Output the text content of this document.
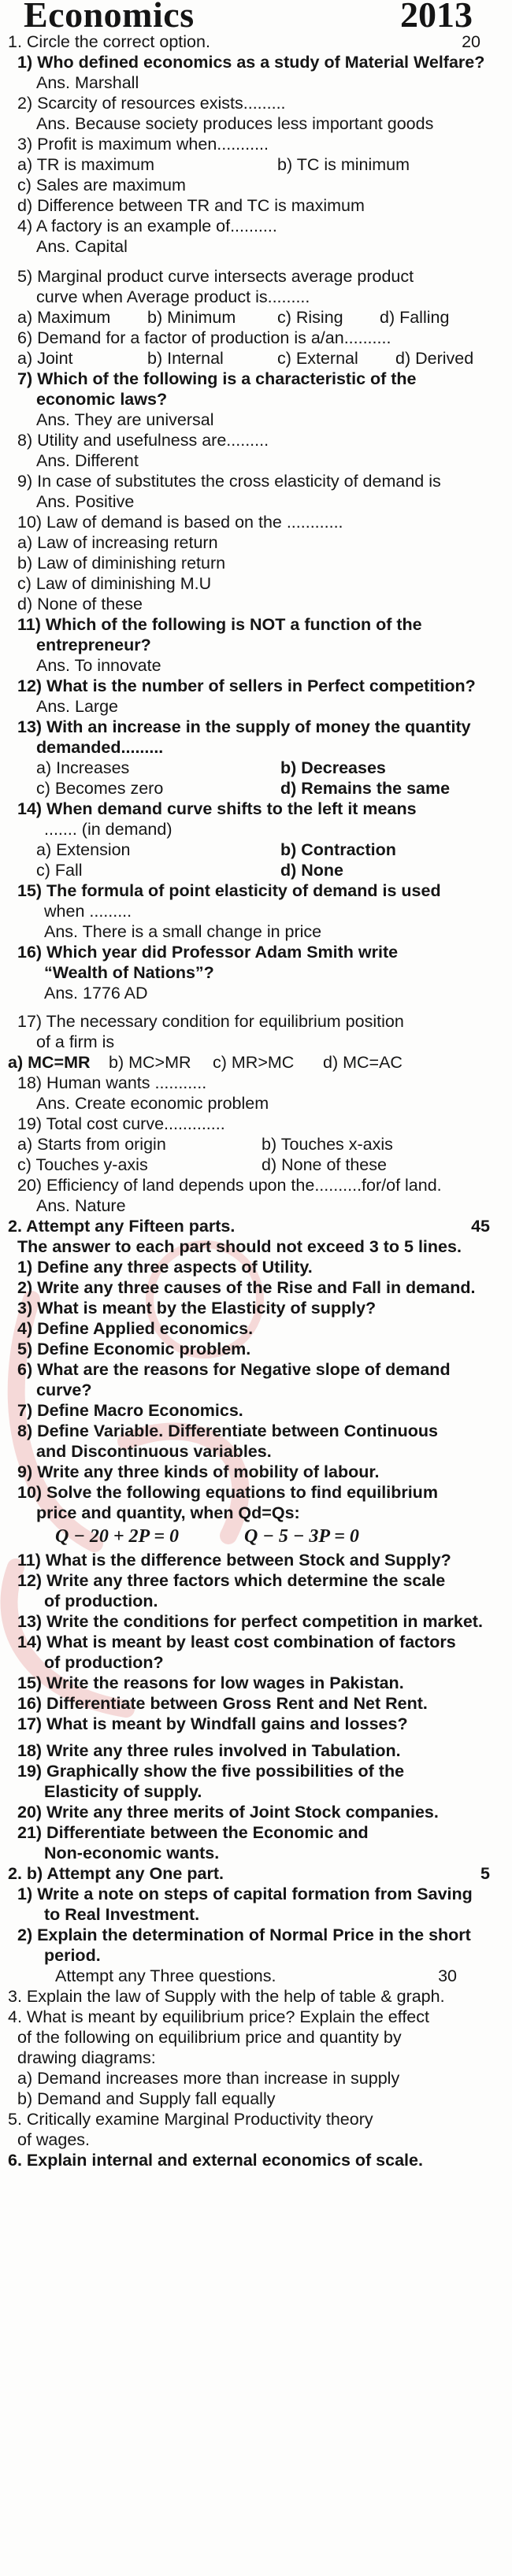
Economics	2013
1. Circle the correct option.	20
1) Who defined economics as a study of Material Welfare?
Ans. Marshall
2) Scarcity of resources exists.........
Ans. Because society produces less important goods
3) Profit is maximum when...........
a) TR is maximum	b) TC is minimum
c) Sales are maximum
d) Difference between TR and TC is maximum
4) A factory is an example of..........
Ans. Capital
5) Marginal product curve intersects average product
curve when Average product is.........
a) Maximum	b) Minimum	c) Rising	d) Falling
6) Demand for a factor of production is a/an..........
a) Joint	b) Internal	c) External	d) Derived
7) Which of the following is a characteristic of the
economic laws?
Ans. They are universal
8) Utility and usefulness are.........
Ans. Different
9) In case of substitutes the cross elasticity of demand is
Ans. Positive
10) Law of demand is based on the ............
a) Law of increasing return
b) Law of diminishing return
c) Law of diminishing M.U
d) None of these
11) Which of the following is NOT a function of the
entrepreneur?
Ans. To innovate
12) What is the number of sellers in Perfect competition?
Ans. Large
13) With an increase in the supply of money the quantity
demanded.........
a) Increases	b) Decreases
c) Becomes zero	d) Remains the same
14) When demand curve shifts to the left it means
....... (in demand)
a) Extension	b) Contraction
c) Fall	d) None
15) The formula of point elasticity of demand is used
when .........
Ans. There is a small change in price
16) Which year did Professor Adam Smith write
“Wealth of Nations”?
Ans. 1776 AD
17) The necessary condition for equilibrium position
of a firm is
a) MC=MR	b) MC>MR	c) MR>MC	d) MC=AC
18) Human wants ...........
Ans. Create economic problem
19) Total cost curve.............
a) Starts from origin	b) Touches x-axis
c) Touches y-axis	d) None of these
20) Efficiency of land depends upon the..........for/of land.
Ans. Nature
2. Attempt any Fifteen parts.	45
The answer to each part should not exceed 3 to 5 lines.
1) Define any three aspects of Utility.
2) Write any three causes of the Rise and Fall in demand.
3) What is meant by the Elasticity of supply?
4) Define Applied economics.
5) Define Economic problem.
6) What are the reasons for Negative slope of demand
curve?
7) Define Macro Economics.
8) Define Variable. Differentiate between Continuous
and Discontinuous variables.
9) Write any three kinds of mobility of labour.
10) Solve the following equations to find equilibrium
price and quantity, when Qd=Qs:
Q − 20 + 2P = 0	Q − 5 − 3P = 0
11) What is the difference between Stock and Supply?
12) Write any three factors which determine the scale
of production.
13) Write the conditions for perfect competition in market.
14) What is meant by least cost combination of factors
of production?
15) Write the reasons for low wages in Pakistan.
16) Differentiate between Gross Rent and Net Rent.
17) What is meant by Windfall gains and losses?
18) Write any three rules involved in Tabulation.
19) Graphically show the five possibilities of the
Elasticity of supply.
20) Write any three merits of Joint Stock companies.
21) Differentiate between the Economic and
Non-economic wants.
2. b) Attempt any One part.	5
1) Write a note on steps of capital formation from Saving
to Real Investment.
2) Explain the determination of Normal Price in the short
period.
Attempt any Three questions.	30
3. Explain the law of Supply with the help of table & graph.
4. What is meant by equilibrium price? Explain the effect
of the following on equilibrium price and quantity by
drawing diagrams:
a) Demand increases more than increase in supply
b) Demand and Supply fall equally
5. Critically examine Marginal Productivity theory
of wages.
6. Explain internal and external economics of scale.
